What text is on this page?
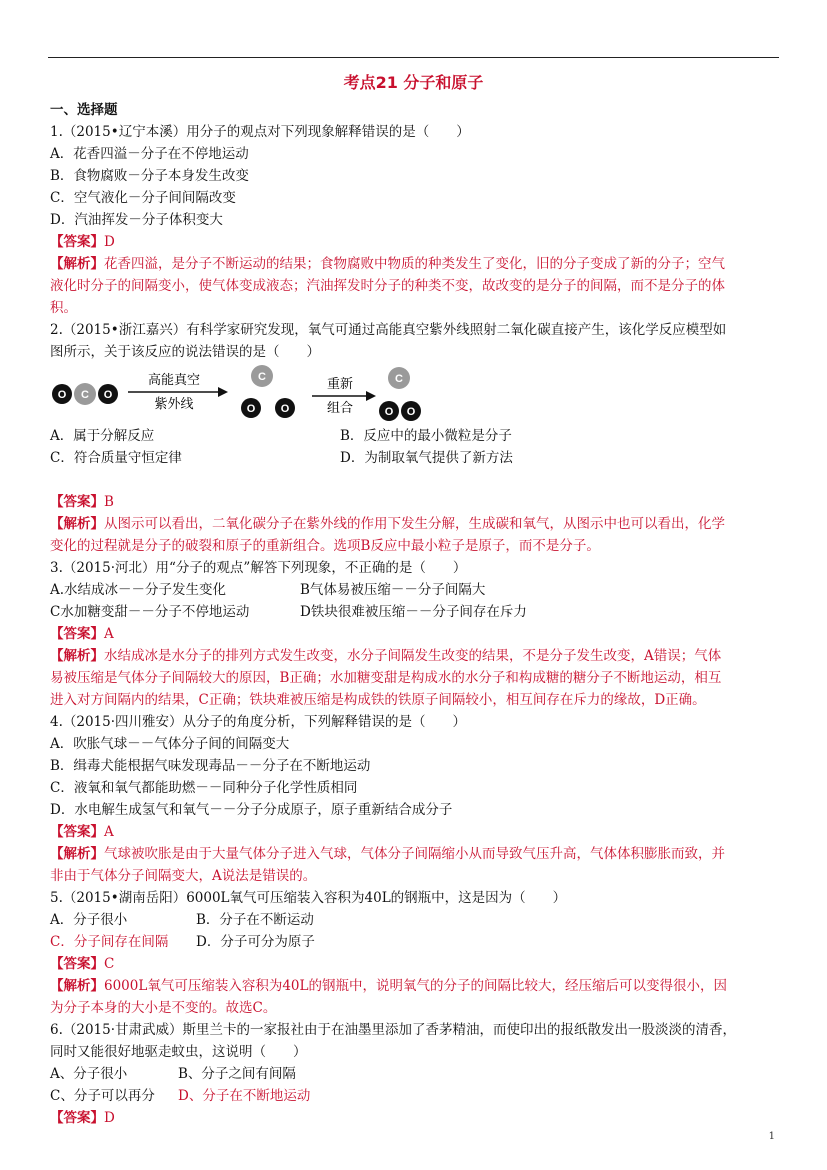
考点21 分子和原子
一、选择题
1.（2015•辽宁本溪）用分子的观点对下列现象解释错误的是（　　）
A．花香四溢－分子在不停地运动
B．食物腐败－分子本身发生改变
C．空气液化－分子间间隔改变
D．汽油挥发－分子体积变大
【答案】D
【解析】花香四溢，是分子不断运动的结果；食物腐败中物质的种类发生了变化，旧的分子变成了新的分子；空气
液化时分子的间隔变小，使气体变成液态；汽油挥发时分子的种类不变，故改变的是分子的间隔，而不是分子的体
积。
2.（2015•浙江嘉兴）有科学家研究发现，氧气可通过高能真空紫外线照射二氧化碳直接产生，该化学反应模型如
图所示，关于该反应的说法错误的是（　　）
O C O
高能真空
紫外线
C
O O
重新
组合
C
O O
A．属于分解反应	B．反应中的最小微粒是分子
C．符合质量守恒定律	D．为制取氧气提供了新方法
【答案】B
【解析】从图示可以看出，二氧化碳分子在紫外线的作用下发生分解，生成碳和氧气，从图示中也可以看出，化学
变化的过程就是分子的破裂和原子的重新组合。选项B反应中最小粒子是原子，而不是分子。
3.（2015·河北）用“分子的观点”解答下列现象，不正确的是（　　）
A.水结成冰－－分子发生变化	B气体易被压缩－－分子间隔大
C水加糖变甜－－分子不停地运动	D铁块很难被压缩－－分子间存在斥力
【答案】A
【解析】水结成冰是水分子的排列方式发生改变，水分子间隔发生改变的结果，不是分子发生改变，A错误；气体
易被压缩是气体分子间隔较大的原因，B正确；水加糖变甜是构成水的水分子和构成糖的糖分子不断地运动，相互
进入对方间隔内的结果，C正确；铁块难被压缩是构成铁的铁原子间隔较小，相互间存在斥力的缘故，D正确。
4.（2015·四川雅安）从分子的角度分析，下列解释错误的是（　　）
A．吹胀气球－－气体分子间的间隔变大
B．缉毒犬能根据气味发现毒品－－分子在不断地运动
C．液氧和氧气都能助燃－－同种分子化学性质相同
D．水电解生成氢气和氧气－－分子分成原子，原子重新结合成分子
【答案】A
【解析】气球被吹胀是由于大量气体分子进入气球，气体分子间隔缩小从而导致气压升高，气体体积膨胀而致，并
非由于气体分子间隔变大，A说法是错误的。
5.（2015•湖南岳阳）6000L氧气可压缩装入容积为40L的钢瓶中，这是因为（　　）
A．分子很小	B．分子在不断运动
C．分子间存在间隔 D．分子可分为原子
【答案】C
【解析】6000L氧气可压缩装入容积为40L的钢瓶中，说明氧气的分子的间隔比较大，经压缩后可以变得很小，因
为分子本身的大小是不变的。故选C。
6.（2015·甘肃武威）斯里兰卡的一家报社由于在油墨里添加了香茅精油，而使印出的报纸散发出一股淡淡的清香，
同时又能很好地驱走蚊虫，这说明（　　）
A、分子很小	B、分子之间有间隔
C、分子可以再分 D、分子在不断地运动
【答案】D
1
